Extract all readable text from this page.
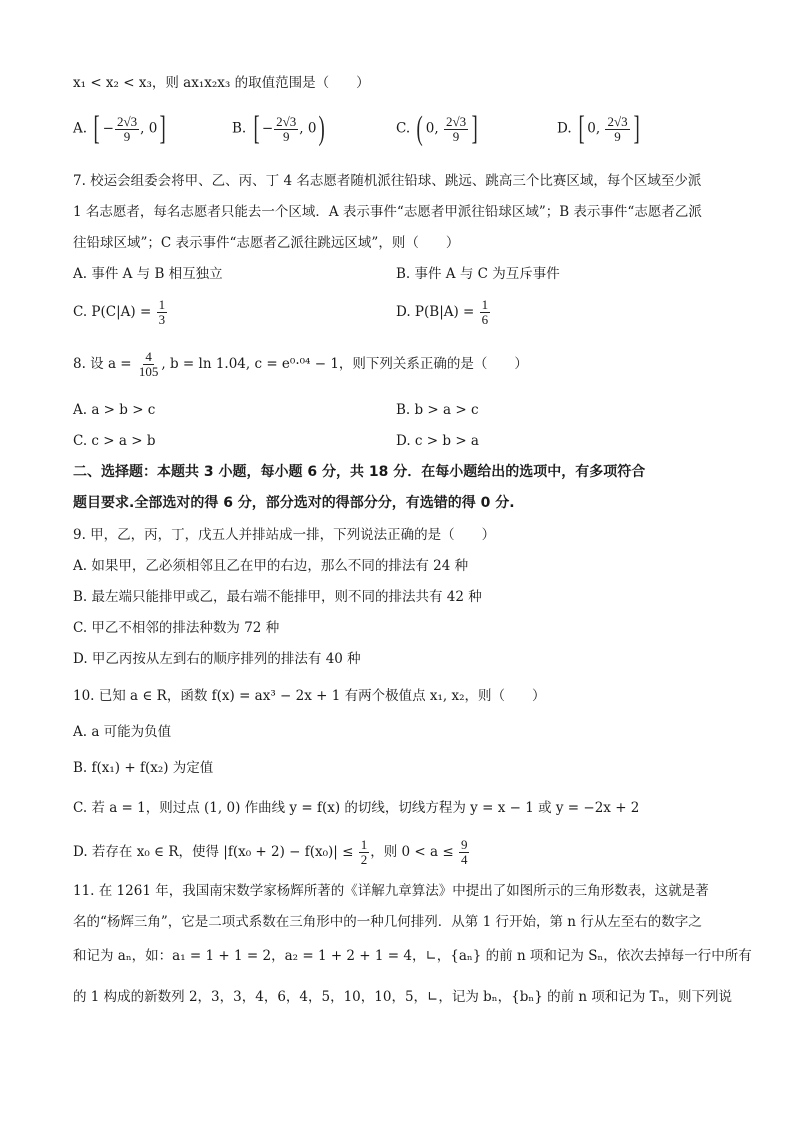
x₁ < x₂ < x₃，则 ax₁x₂x₃ 的取值范围是（　　）
A. [ − $\frac{2√3}{9}$ , 0]	B. [ − $\frac{2√3}{9}$ , 0)	C. ( 0, $\frac{2√3}{9}$ ]	D. [ 0, $\frac{2√3}{9}$ ]
7. 校运会组委会将甲、乙、丙、丁 4 名志愿者随机派往铅球、跳远、跳高三个比赛区域，每个区域至少派
1 名志愿者，每名志愿者只能去一个区域．A 表示事件“志愿者甲派往铅球区域”；B 表示事件“志愿者乙派
往铅球区域”；C 表示事件“志愿者乙派往跳远区域”，则（　　）
A. 事件 A 与 B 相互独立	B. 事件 A 与 C 为互斥事件
C. $P(C|A) = \frac{1}{3}$	D. $P(B|A) = \frac{1}{6}$
8. 设 $a = \frac{4}{105}$ , b = ln 1.04, c = e⁰·⁰⁴ − 1，则下列关系正确的是（　　）
A. a > b > c	B. b > a > c
C. c > a > b	D. c > b > a
二、选择题：本题共 3 小题，每小题 6 分，共 18 分．在每小题给出的选项中，有多项符合
题目要求.全部选对的得 6 分，部分选对的得部分分，有选错的得 0 分.
9. 甲，乙，丙，丁，戊五人并排站成一排，下列说法正确的是（　　）
A. 如果甲，乙必须相邻且乙在甲的右边，那么不同的排法有 24 种
B. 最左端只能排甲或乙，最右端不能排甲，则不同的排法共有 42 种
C. 甲乙不相邻的排法种数为 72 种
D. 甲乙丙按从左到右的顺序排列的排法有 40 种
10. 已知 a ∈ R，函数 f(x) = ax³ − 2x + 1 有两个极值点 x₁, x₂，则（　　）
A. a 可能为负值
B. f(x₁) + f(x₂) 为定值
C. 若 a = 1，则过点 (1, 0) 作曲线 y = f(x) 的切线，切线方程为 y = x − 1 或 y = −2x + 2
D. 若存在 x₀ ∈ R，使得 $|f(x_0 + 2) - f(x_0)| \le \frac{1}{2}$ ，则 $0 < a \le \frac{9}{4}$
11. 在 1261 年，我国南宋数学家杨辉所著的《详解九章算法》中提出了如图所示的三角形数表，这就是著
名的“杨辉三角”，它是二项式系数在三角形中的一种几何排列．从第 1 行开始，第 n 行从左至右的数字之
和记为 aₙ，如：a₁ = 1 + 1 = 2，a₂ = 1 + 2 + 1 = 4，∟，{aₙ} 的前 n 项和记为 Sₙ，依次去掉每一行中所有
的 1 构成的新数列 2，3，3，4，6，4，5，10，10，5，∟，记为 bₙ，{bₙ} 的前 n 项和记为 Tₙ，则下列说
